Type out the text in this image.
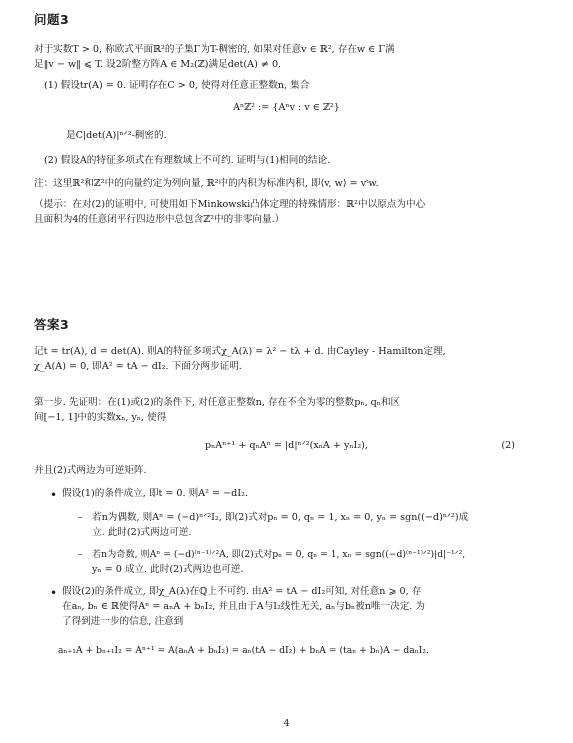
问题3
对于实数T > 0, 称欧式平面ℝ²的子集Γ为T-稠密的, 如果对任意v ∈ ℝ², 存在w ∈ Γ满
足‖v − w‖ ⩽ T. 设2阶整方阵A ∈ M₂(ℤ)满足det(A) ≠ 0.
(1) 假设tr(A) = 0. 证明存在C > 0, 使得对任意正整数n, 集合
Aⁿℤ² := {Aⁿv : v ∈ ℤ²}
是C|det(A)|ⁿᐟ²-稠密的.
(2) 假设A的特征多项式在有理数域上不可约. 证明与(1)相同的结论.
注：这里ℝ²和ℤ²中的向量约定为列向量, ℝ²中的内积为标准内积, 即⟨v, w⟩ = vᵗw.
（提示：在对(2)的证明中, 可使用如下Minkowski凸体定理的特殊情形：ℝ²中以原点为中心
且面积为4的任意闭平行四边形中总包含ℤ²中的非零向量.）
答案3
记t = tr(A), d = det(A). 则A的特征多项式χ_A(λ) = λ² − tλ + d. 由Cayley - Hamilton定理,
χ_A(A) = 0, 即A² = tA − dI₂. 下面分两步证明.
第一步. 先证明：在(1)或(2)的条件下, 对任意正整数n, 存在不全为零的整数pₙ, qₙ和区
间[−1, 1]中的实数xₙ, yₙ, 使得
pₙAⁿ⁺¹ + qₙAⁿ = |d|ⁿᐟ²(xₙA + yₙI₂),	(2)
并且(2)式两边为可逆矩阵.
• 假设(1)的条件成立, 即t = 0. 则A² = −dI₂.
– 若n为偶数, 则Aⁿ = (−d)ⁿᐟ²I₂, 即(2)式对pₙ = 0, qₙ = 1, xₙ = 0, yₙ = sgn((−d)ⁿᐟ²)成
立. 此时(2)式两边可逆.
– 若n为奇数, 则Aⁿ = (−d)⁽ⁿ⁻¹⁾ᐟ²A, 即(2)式对pₙ = 0, qₙ = 1, xₙ = sgn((−d)⁽ⁿ⁻¹⁾ᐟ²)|d|⁻¹ᐟ²,
yₙ = 0 成立. 此时(2)式两边也可逆.
• 假设(2)的条件成立, 即χ_A(λ)在ℚ上不可约. 由A² = tA − dI₂可知, 对任意n ⩾ 0, 存
在aₙ, bₙ ∈ ℝ使得Aⁿ = aₙA + bₙI₂, 并且由于A与I₂线性无关, aₙ与bₙ被n唯一决定. 为
了得到进一步的信息, 注意到
aₙ₊₁A + bₙ₊₁I₂ = Aⁿ⁺¹ = A(aₙA + bₙI₂) = aₙ(tA − dI₂) + bₙA = (taₙ + bₙ)A − daₙI₂.
4
